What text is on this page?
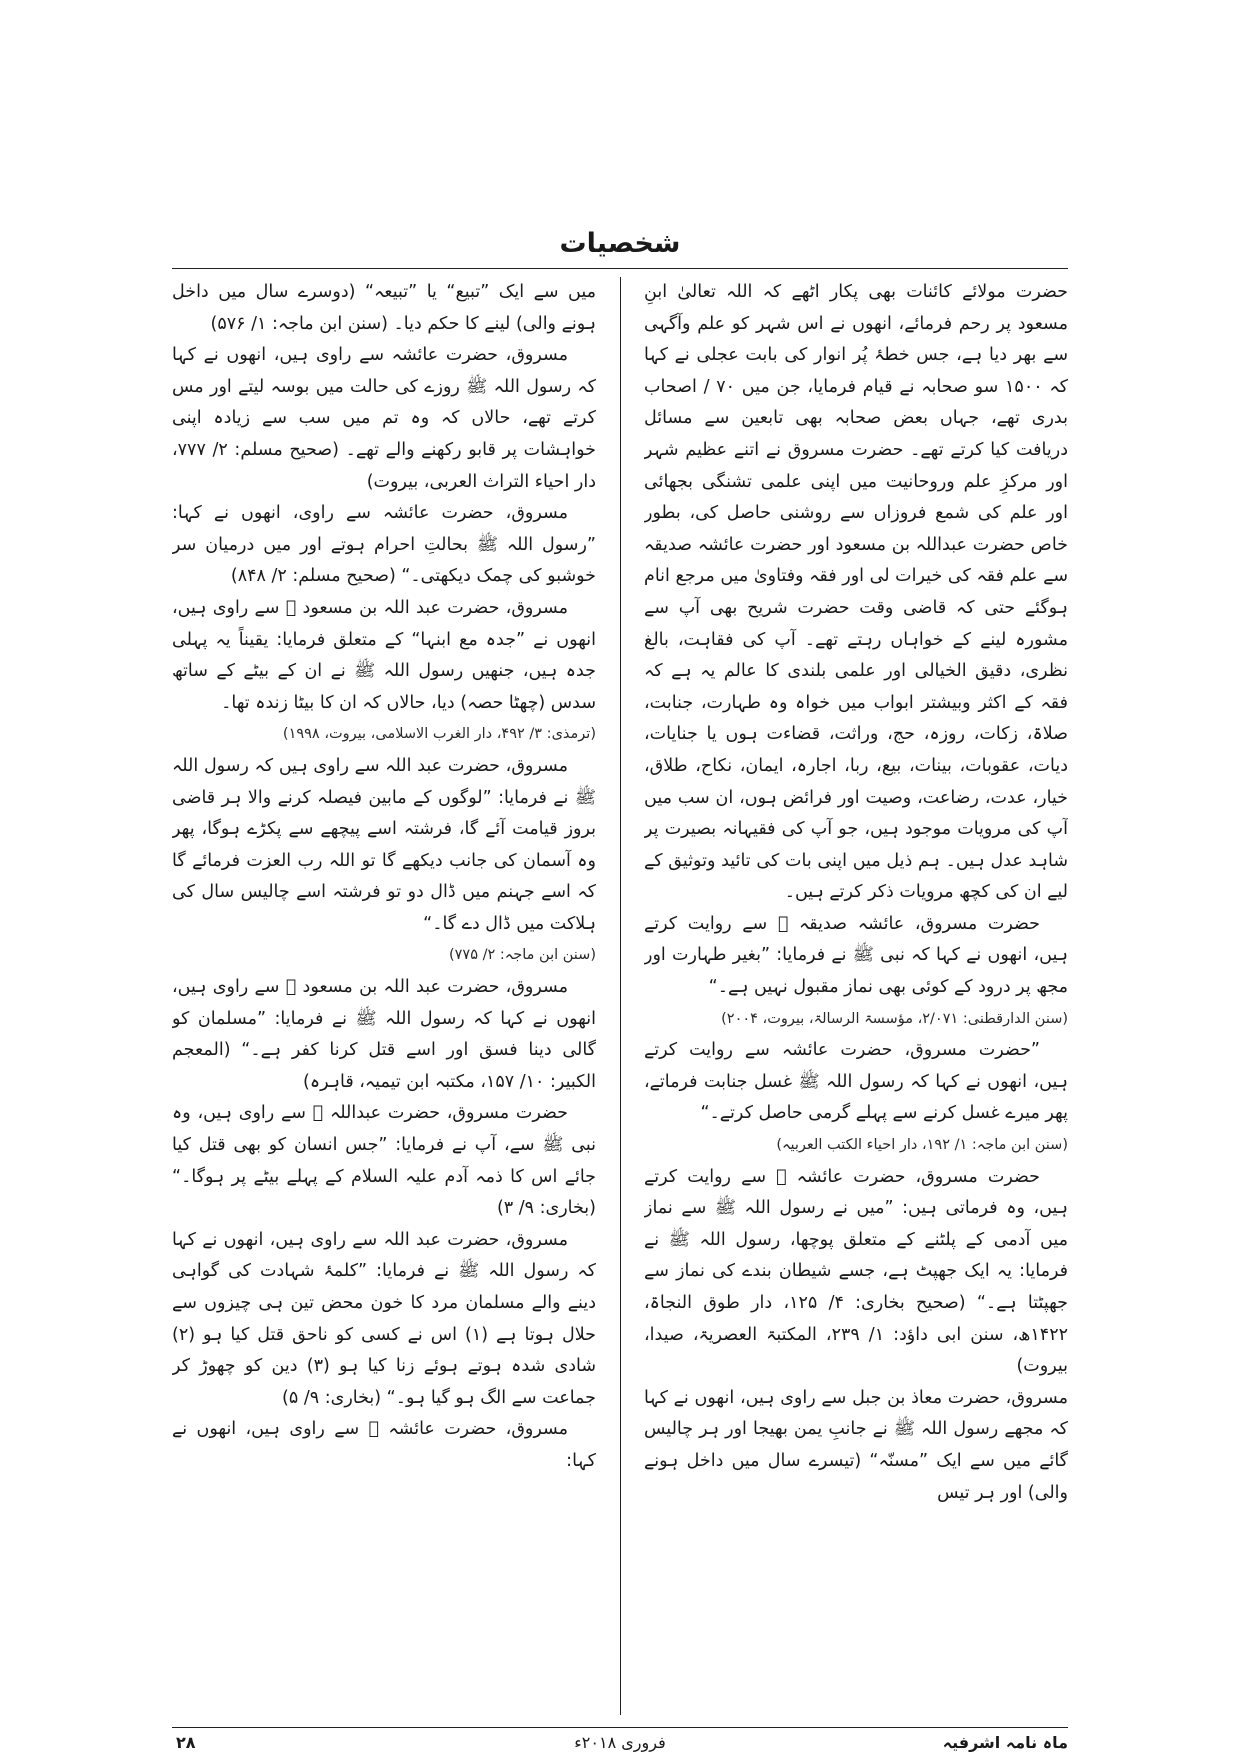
شخصیات

حضرت مولائے کائنات بھی پکار اٹھے کہ اللہ تعالیٰ ابنِ مسعود پر رحم فرمائے، انھوں نے اس شہر کو علم وآگہی سے بھر دیا ہے، جس خطۂ پُر انوار کی بابت عجلی نے کہا کہ ۱۵۰۰ سو صحابہ نے قیام فرمایا، جن میں ۷۰ / اصحاب بدری تھے، جہاں بعض صحابہ بھی تابعین سے مسائل دریافت کیا کرتے تھے۔ حضرت مسروق نے اتنے عظیم شہر اور مرکزِ علم وروحانیت میں اپنی علمی تشنگی بجھائی اور علم کی شمع فروزاں سے روشنی حاصل کی، بطور خاص حضرت عبداللہ بن مسعود اور حضرت عائشہ صدیقہ سے علم فقہ کی خیرات لی اور فقہ وفتاویٰ میں مرجع انام ہوگئے حتی کہ قاضی وقت حضرت شریح بھی آپ سے مشورہ لینے کے خواہاں رہتے تھے۔ آپ کی فقاہت، بالغ نظری، دقیق الخیالی اور علمی بلندی کا عالم یہ ہے کہ فقہ کے اکثر وبیشتر ابواب میں خواہ وہ طہارت، جنابت، صلاۃ، زکات، روزہ، حج، وراثت، قضاءت ہوں یا جنایات، دیات، عقوبات، بینات، بیع، ربا، اجارہ، ایمان، نکاح، طلاق، خیار، عدت، رضاعت، وصیت اور فرائض ہوں، ان سب میں آپ کی مرویات موجود ہیں، جو آپ کی فقیہانہ بصیرت پر شاہد عدل ہیں۔ ہم ذیل میں اپنی بات کی تائید وتوثیق کے لیے ان کی کچھ مرویات ذکر کرتے ہیں۔

حضرت مسروق، عائشہ صدیقہ ﷞ سے روایت کرتے ہیں، انھوں نے کہا کہ نبی ﷺ نے فرمایا: ”بغیر طہارت اور مجھ پر درود کے کوئی بھی نماز مقبول نہیں ہے۔“

(سنن الدارقطنی: ۲/۰۷۱، مؤسسۃ الرسالۃ، بیروت، ۲۰۰۴)

”حضرت مسروق، حضرت عائشہ سے روایت کرتے ہیں، انھوں نے کہا کہ رسول اللہ ﷺ غسل جنابت فرماتے، پھر میرے غسل کرنے سے پہلے گرمی حاصل کرتے۔“

(سنن ابن ماجہ: ۱/ ۱۹۲، دار احیاء الکتب العربیہ)

حضرت مسروق، حضرت عائشہ ﷞ سے روایت کرتے ہیں، وہ فرماتی ہیں: ”میں نے رسول اللہ ﷺ سے نماز میں آدمی کے پلٹنے کے متعلق پوچھا، رسول اللہ ﷺ نے فرمایا: یہ ایک جھپٹ ہے، جسے شیطان بندے کی نماز سے جھپٹتا ہے۔“ (صحیح بخاری: ۴/ ۱۲۵، دار طوق النجاۃ، ۱۴۲۲ھ، سنن ابی داؤد: ۱/ ۲۳۹، المکتبۃ العصریۃ، صیدا، بیروت)

مسروق، حضرت معاذ بن جبل سے راوی ہیں، انھوں نے کہا کہ مجھے رسول اللہ ﷺ نے جانبِ یمن بھیجا اور ہر چالیس گائے میں سے ایک ”مسنّہ“ (تیسرے سال میں داخل ہونے والی) اور ہر تیس

میں سے ایک ”تبیع“ یا ”تبیعہ“ (دوسرے سال میں داخل ہونے والی) لینے کا حکم دیا۔ (سنن ابن ماجہ: ۱/ ۵۷۶)

مسروق، حضرت عائشہ سے راوی ہیں، انھوں نے کہا کہ رسول اللہ ﷺ روزے کی حالت میں بوسہ لیتے اور مس کرتے تھے، حالاں کہ وہ تم میں سب سے زیادہ اپنی خواہشات پر قابو رکھنے والے تھے۔ (صحیح مسلم: ۲/ ۷۷۷، دار احیاء التراث العربی، بیروت)

مسروق، حضرت عائشہ سے راوی، انھوں نے کہا: ”رسول اللہ ﷺ بحالتِ احرام ہوتے اور میں درمیان سر خوشبو کی چمک دیکھتی۔“ (صحیح مسلم: ۲/ ۸۴۸)

مسروق، حضرت عبد اللہ بن مسعود ﷜ سے راوی ہیں، انھوں نے ”جدہ مع ابنہا“ کے متعلق فرمایا: یقیناً یہ پہلی جدہ ہیں، جنھیں رسول اللہ ﷺ نے ان کے بیٹے کے ساتھ سدس (چھٹا حصہ) دیا، حالاں کہ ان کا بیٹا زندہ تھا۔

(ترمذی: ۳/ ۴۹۲، دار الغرب الاسلامی، بیروت، ۱۹۹۸)

مسروق، حضرت عبد اللہ سے راوی ہیں کہ رسول اللہ ﷺ نے فرمایا: ”لوگوں کے مابین فیصلہ کرنے والا ہر قاضی بروز قیامت آئے گا، فرشتہ اسے پیچھے سے پکڑے ہوگا، پھر وہ آسمان کی جانب دیکھے گا تو اللہ رب العزت فرمائے گا کہ اسے جہنم میں ڈال دو تو فرشتہ اسے چالیس سال کی ہلاکت میں ڈال دے گا۔“

(سنن ابن ماجہ: ۲/ ۷۷۵)

مسروق، حضرت عبد اللہ بن مسعود ﷜ سے راوی ہیں، انھوں نے کہا کہ رسول اللہ ﷺ نے فرمایا: ”مسلمان کو گالی دینا فسق اور اسے قتل کرنا کفر ہے۔“ (المعجم الکبیر: ۱۰/ ۱۵۷، مکتبہ ابن تیمیہ، قاہرہ)

حضرت مسروق، حضرت عبداللہ ﷜ سے راوی ہیں، وہ نبی ﷺ سے، آپ نے فرمایا: ”جس انسان کو بھی قتل کیا جائے اس کا ذمہ آدم علیہ السلام کے پہلے بیٹے پر ہوگا۔“ (بخاری: ۹/ ۳)

مسروق، حضرت عبد اللہ سے راوی ہیں، انھوں نے کہا کہ رسول اللہ ﷺ نے فرمایا: ”کلمۂ شہادت کی گواہی دینے والے مسلمان مرد کا خون محض تین ہی چیزوں سے حلال ہوتا ہے (۱) اس نے کسی کو ناحق قتل کیا ہو (۲) شادی شدہ ہوتے ہوئے زنا کیا ہو (۳) دین کو چھوڑ کر جماعت سے الگ ہو گیا ہو۔“ (بخاری: ۹/ ۵)

مسروق، حضرت عائشہ ﷞ سے راوی ہیں، انھوں نے کہا:

ماہ نامہ اشرفیہ
فروری ۲۰۱۸ء
۲۸
